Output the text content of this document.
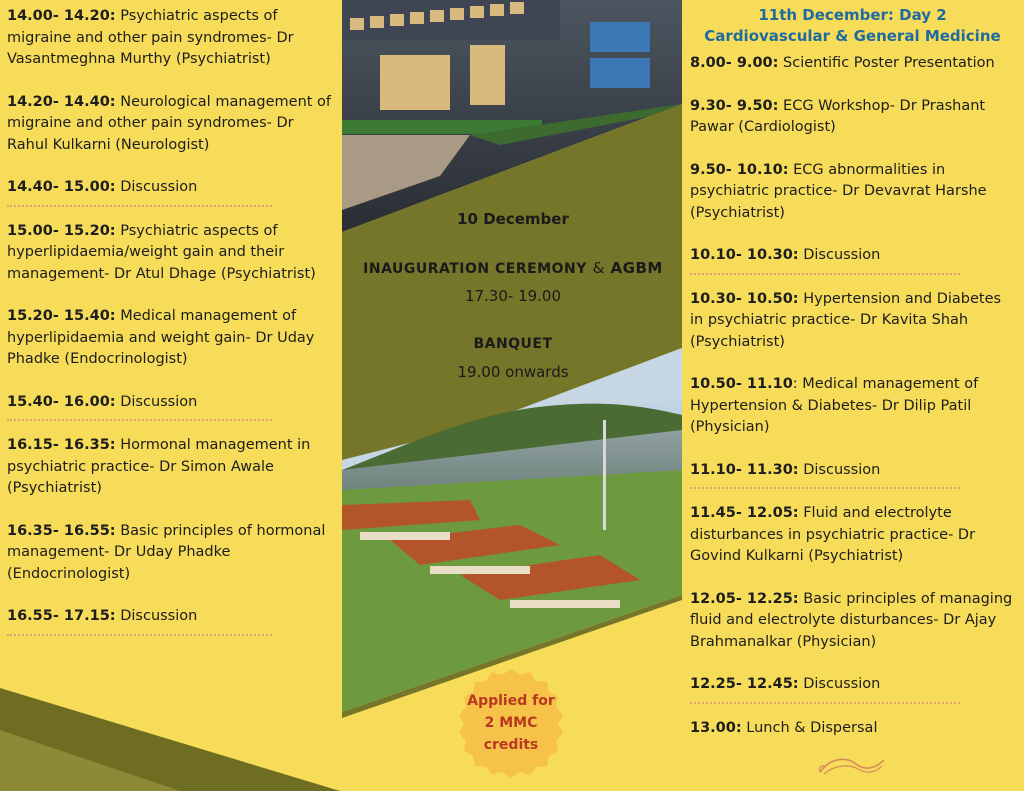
14.00- 14.20: Psychiatric aspects of migraine and other pain syndromes- Dr Vasantmeghna Murthy (Psychiatrist)

14.20- 14.40: Neurological management of migraine and other pain syndromes- Dr Rahul Kulkarni (Neurologist)

14.40- 15.00: Discussion

15.00- 15.20: Psychiatric aspects of hyperlipidaemia/weight gain and their management- Dr Atul Dhage (Psychiatrist)

15.20- 15.40: Medical management of hyperlipidaemia and weight gain- Dr Uday Phadke (Endocrinologist)

15.40- 16.00: Discussion

16.15- 16.35: Hormonal management in psychiatric practice- Dr Simon Awale (Psychiatrist)

16.35- 16.55: Basic principles of hormonal management- Dr Uday Phadke (Endocrinologist)

16.55- 17.15: Discussion

10 December
INAUGURATION CEREMONY & AGBM
17.30- 19.00
BANQUET
19.00 onwards
Applied for
2 MMC
credits
11th December: Day 2
Cardiovascular & General Medicine

8.00- 9.00: Scientific Poster Presentation

9.30- 9.50: ECG Workshop- Dr Prashant Pawar (Cardiologist)

9.50- 10.10: ECG abnormalities in psychiatric practice- Dr Devavrat Harshe (Psychiatrist)

10.10- 10.30: Discussion

10.30- 10.50: Hypertension and Diabetes in psychiatric practice- Dr Kavita Shah (Psychiatrist)

10.50- 11.10: Medical management of Hypertension & Diabetes- Dr Dilip Patil (Physician)

11.10- 11.30: Discussion

11.45- 12.05: Fluid and electrolyte disturbances in psychiatric practice- Dr Govind Kulkarni (Psychiatrist)

12.05- 12.25: Basic principles of managing fluid and electrolyte disturbances- Dr Ajay Brahmanalkar (Physician)

12.25- 12.45: Discussion

13.00: Lunch & Dispersal
